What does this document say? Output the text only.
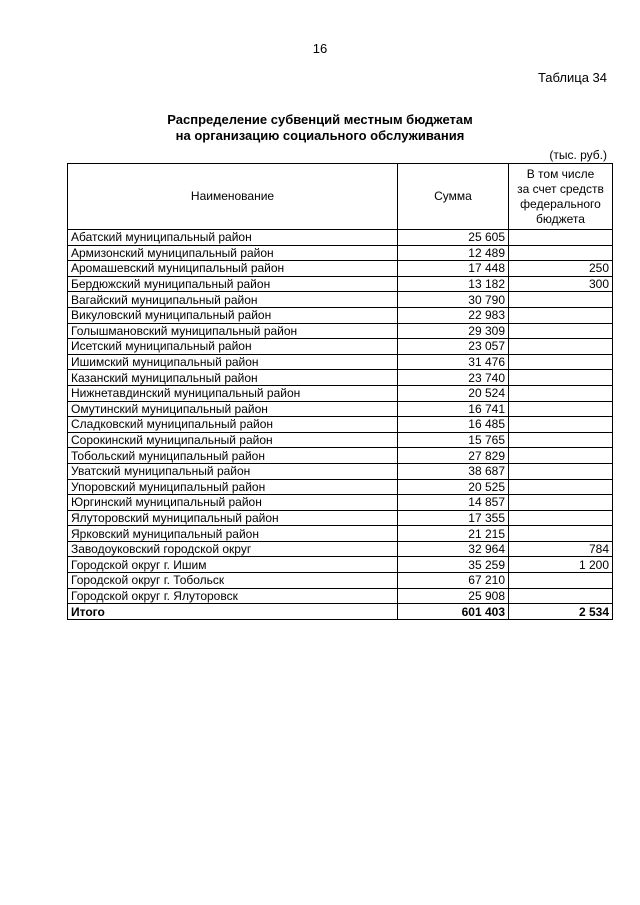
16
Таблица 34
Распределение субвенций местным бюджетам
на организацию социального обслуживания
(тыс. руб.)
Наименование	Сумма	В том числе
за счет средств
федерального
бюджета

Абатский муниципальный район	25 605	
Армизонский муниципальный район	12 489	
Аромашевский муниципальный район	17 448	250
Бердюжский муниципальный район	13 182	300
Вагайский муниципальный район	30 790	
Викуловский муниципальный район	22 983	
Голышмановский муниципальный район	29 309	
Исетский муниципальный район	23 057	
Ишимский муниципальный район	31 476	
Казанский муниципальный район	23 740	
Нижнетавдинский муниципальный район	20 524	
Омутинский муниципальный район	16 741	
Сладковский муниципальный район	16 485	
Сорокинский муниципальный район	15 765	
Тобольский муниципальный район	27 829	
Уватский муниципальный район	38 687	
Упоровский муниципальный район	20 525	
Юргинский муниципальный район	14 857	
Ялуторовский муниципальный район	17 355	
Ярковский муниципальный район	21 215	
Заводоуковский городской округ	32 964	784
Городской округ г. Ишим	35 259	1 200
Городской округ г. Тобольск	67 210	
Городской округ г. Ялуторовск	25 908	
Итого	601 403	2 534
